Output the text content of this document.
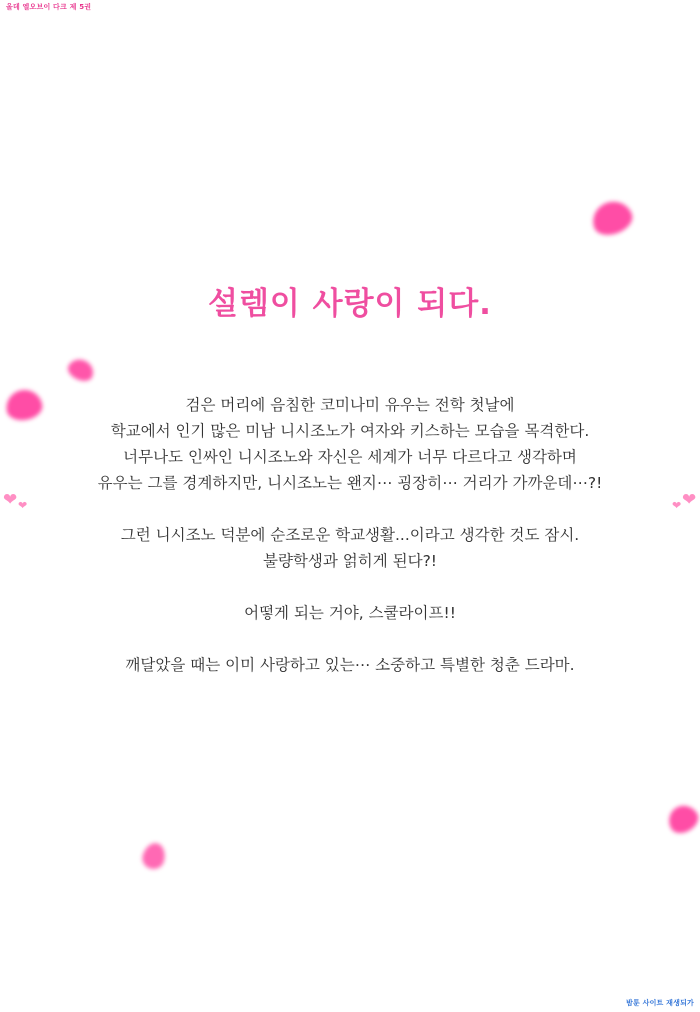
올데 엘오브이 다크 제 5권
❤ ❤	❤
❤
설렘이 사랑이 되다.

검은 머리에 음침한 코미나미 유우는 전학 첫날에

학교에서 인기 많은 미남 니시조노가 여자와 키스하는 모습을 목격한다.

너무나도 인싸인 니시조노와 자신은 세계가 너무 다르다고 생각하며

유우는 그를 경계하지만, 니시조노는 왠지⋯ 굉장히⋯ 거리가 가까운데⋯?!

그런 니시조노 덕분에 순조로운 학교생활...이라고 생각한 것도 잠시.

불량학생과 얽히게 된다?!

어떻게 되는 거야, 스쿨라이프!!

깨달았을 때는 이미 사랑하고 있는⋯ 소중하고 특별한 청춘 드라마.

밤툰 사이트 재생되가
